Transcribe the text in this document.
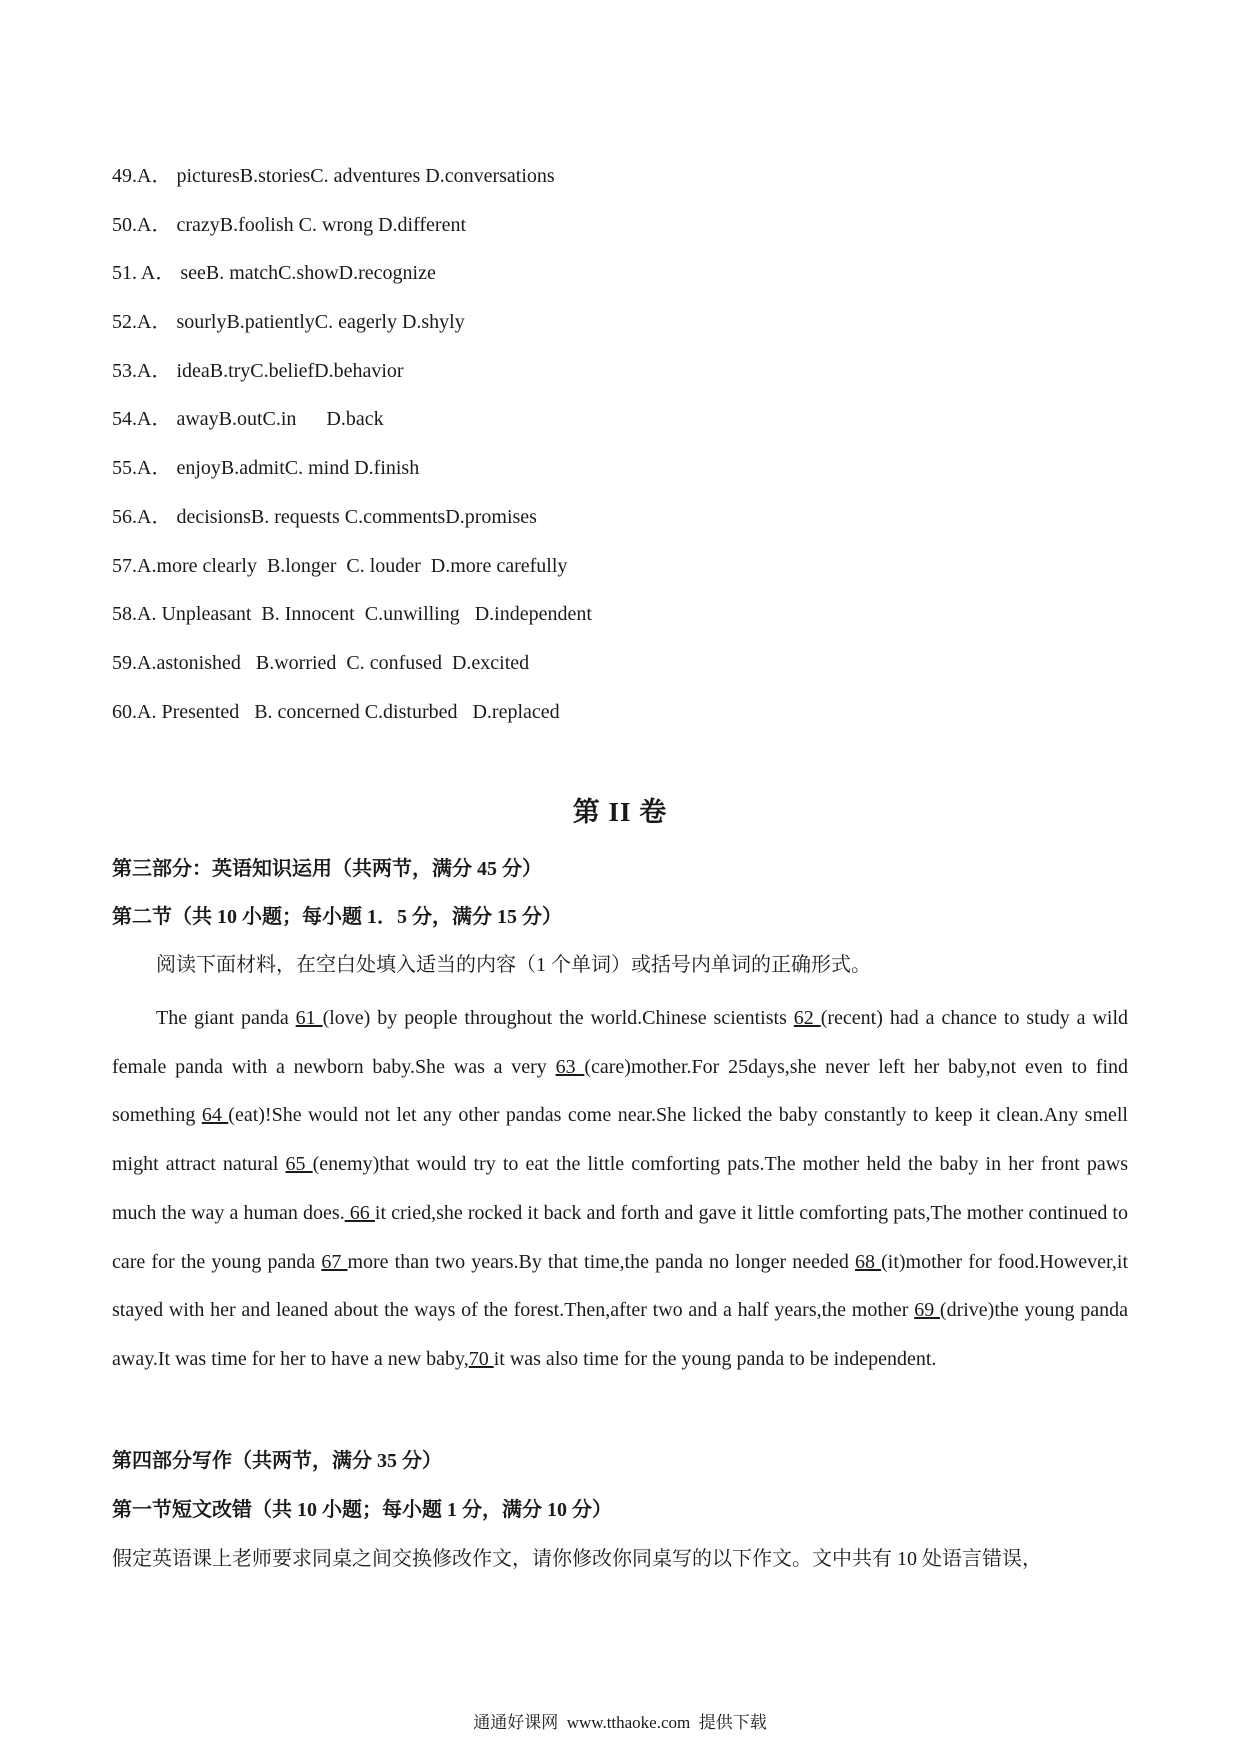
49.A． picturesB.storiesC. adventures D.conversations
50.A． crazyB.foolish C. wrong D.different
51. A． seeB. matchC.showD.recognize
52.A． sourlyB.patientlyC. eagerly D.shyly
53.A． ideaB.tryC.beliefD.behavior
54.A． awayB.outC.in      D.back
55.A． enjoyB.admitC. mind D.finish
56.A． decisionsB. requests C.commentsD.promises
57.A.more clearly  B.longer  C. louder  D.more carefully
58.A. Unpleasant  B. Innocent  C.unwilling   D.independent
59.A.astonished   B.worried  C. confused  D.excited
60.A. Presented   B. concerned C.disturbed   D.replaced
第 II 卷
第三部分：英语知识运用（共两节，满分 45 分）
第二节（共 10 小题；每小题 1．5 分，满分 15 分）
阅读下面材料，在空白处填入适当的内容（1 个单词）或括号内单词的正确形式。

The giant panda 61 (love) by people throughout the world.Chinese scientists 62 (recent) had a chance to study a wild female panda with a newborn baby.She was a very 63 (care)mother.For 25days,she never left her baby,not even to find something 64 (eat)!She would not let any other pandas come near.She licked the baby constantly to keep it clean.Any smell might attract natural 65 (enemy)that would try to eat the little comforting pats.The mother held the baby in her front paws much the way a human does. 66 it cried,she rocked it back and forth and gave it little comforting pats,The mother continued to care for the young panda 67 more than two years.By that time,the panda no longer needed 68 (it)mother for food.However,it stayed with her and leaned about the ways of the forest.Then,after two and a half years,the mother 69 (drive)the young panda away.It was time for her to have a new baby,70 it was also time for the young panda to be independent.

第四部分写作（共两节，满分 35 分）
第一节短文改错（共 10 小题；每小题 1 分，满分 10 分）
假定英语课上老师要求同桌之间交换修改作文，请你修改你同桌写的以下作文。文中共有 10 处语言错误，
通通好课网  www.tthaoke.com  提供下载
